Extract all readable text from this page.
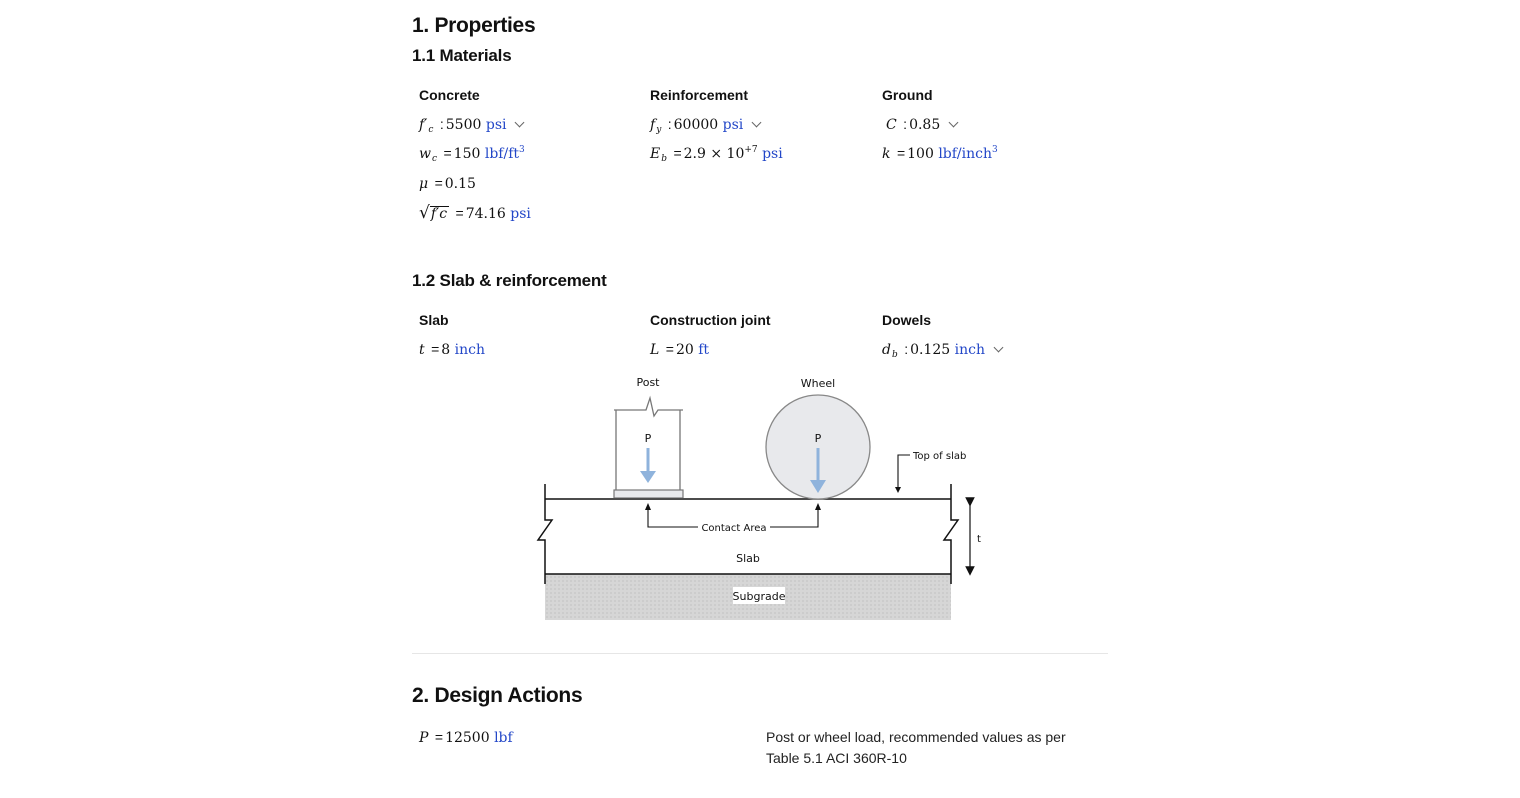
1. Properties
1.1 Materials
Concrete
$f'_c$ : 5500 psi
$w_c = 150$ lbf/$ft^3$
μ = 0.15
√f′c = 74.16 psi
Reinforcement
$f_y$ : 60000 psi
$E_b = 2.9 \times 10^{+7}$ psi
Ground
C : 0.85
k = 100 lbf/inch$^3$
1.2 Slab & reinforcement
Slab
t = 8 inch
Construction joint
L = 20 ft
Dowels
$d_b$ : 0.125 inch
Subgrade
Slab
t
Post
P
Wheel
P
Top of slab
Contact Area
2. Design Actions
P = 12500 lbf	Post or wheel load, recommended values as per Table 5.1 ACI 360R-10
